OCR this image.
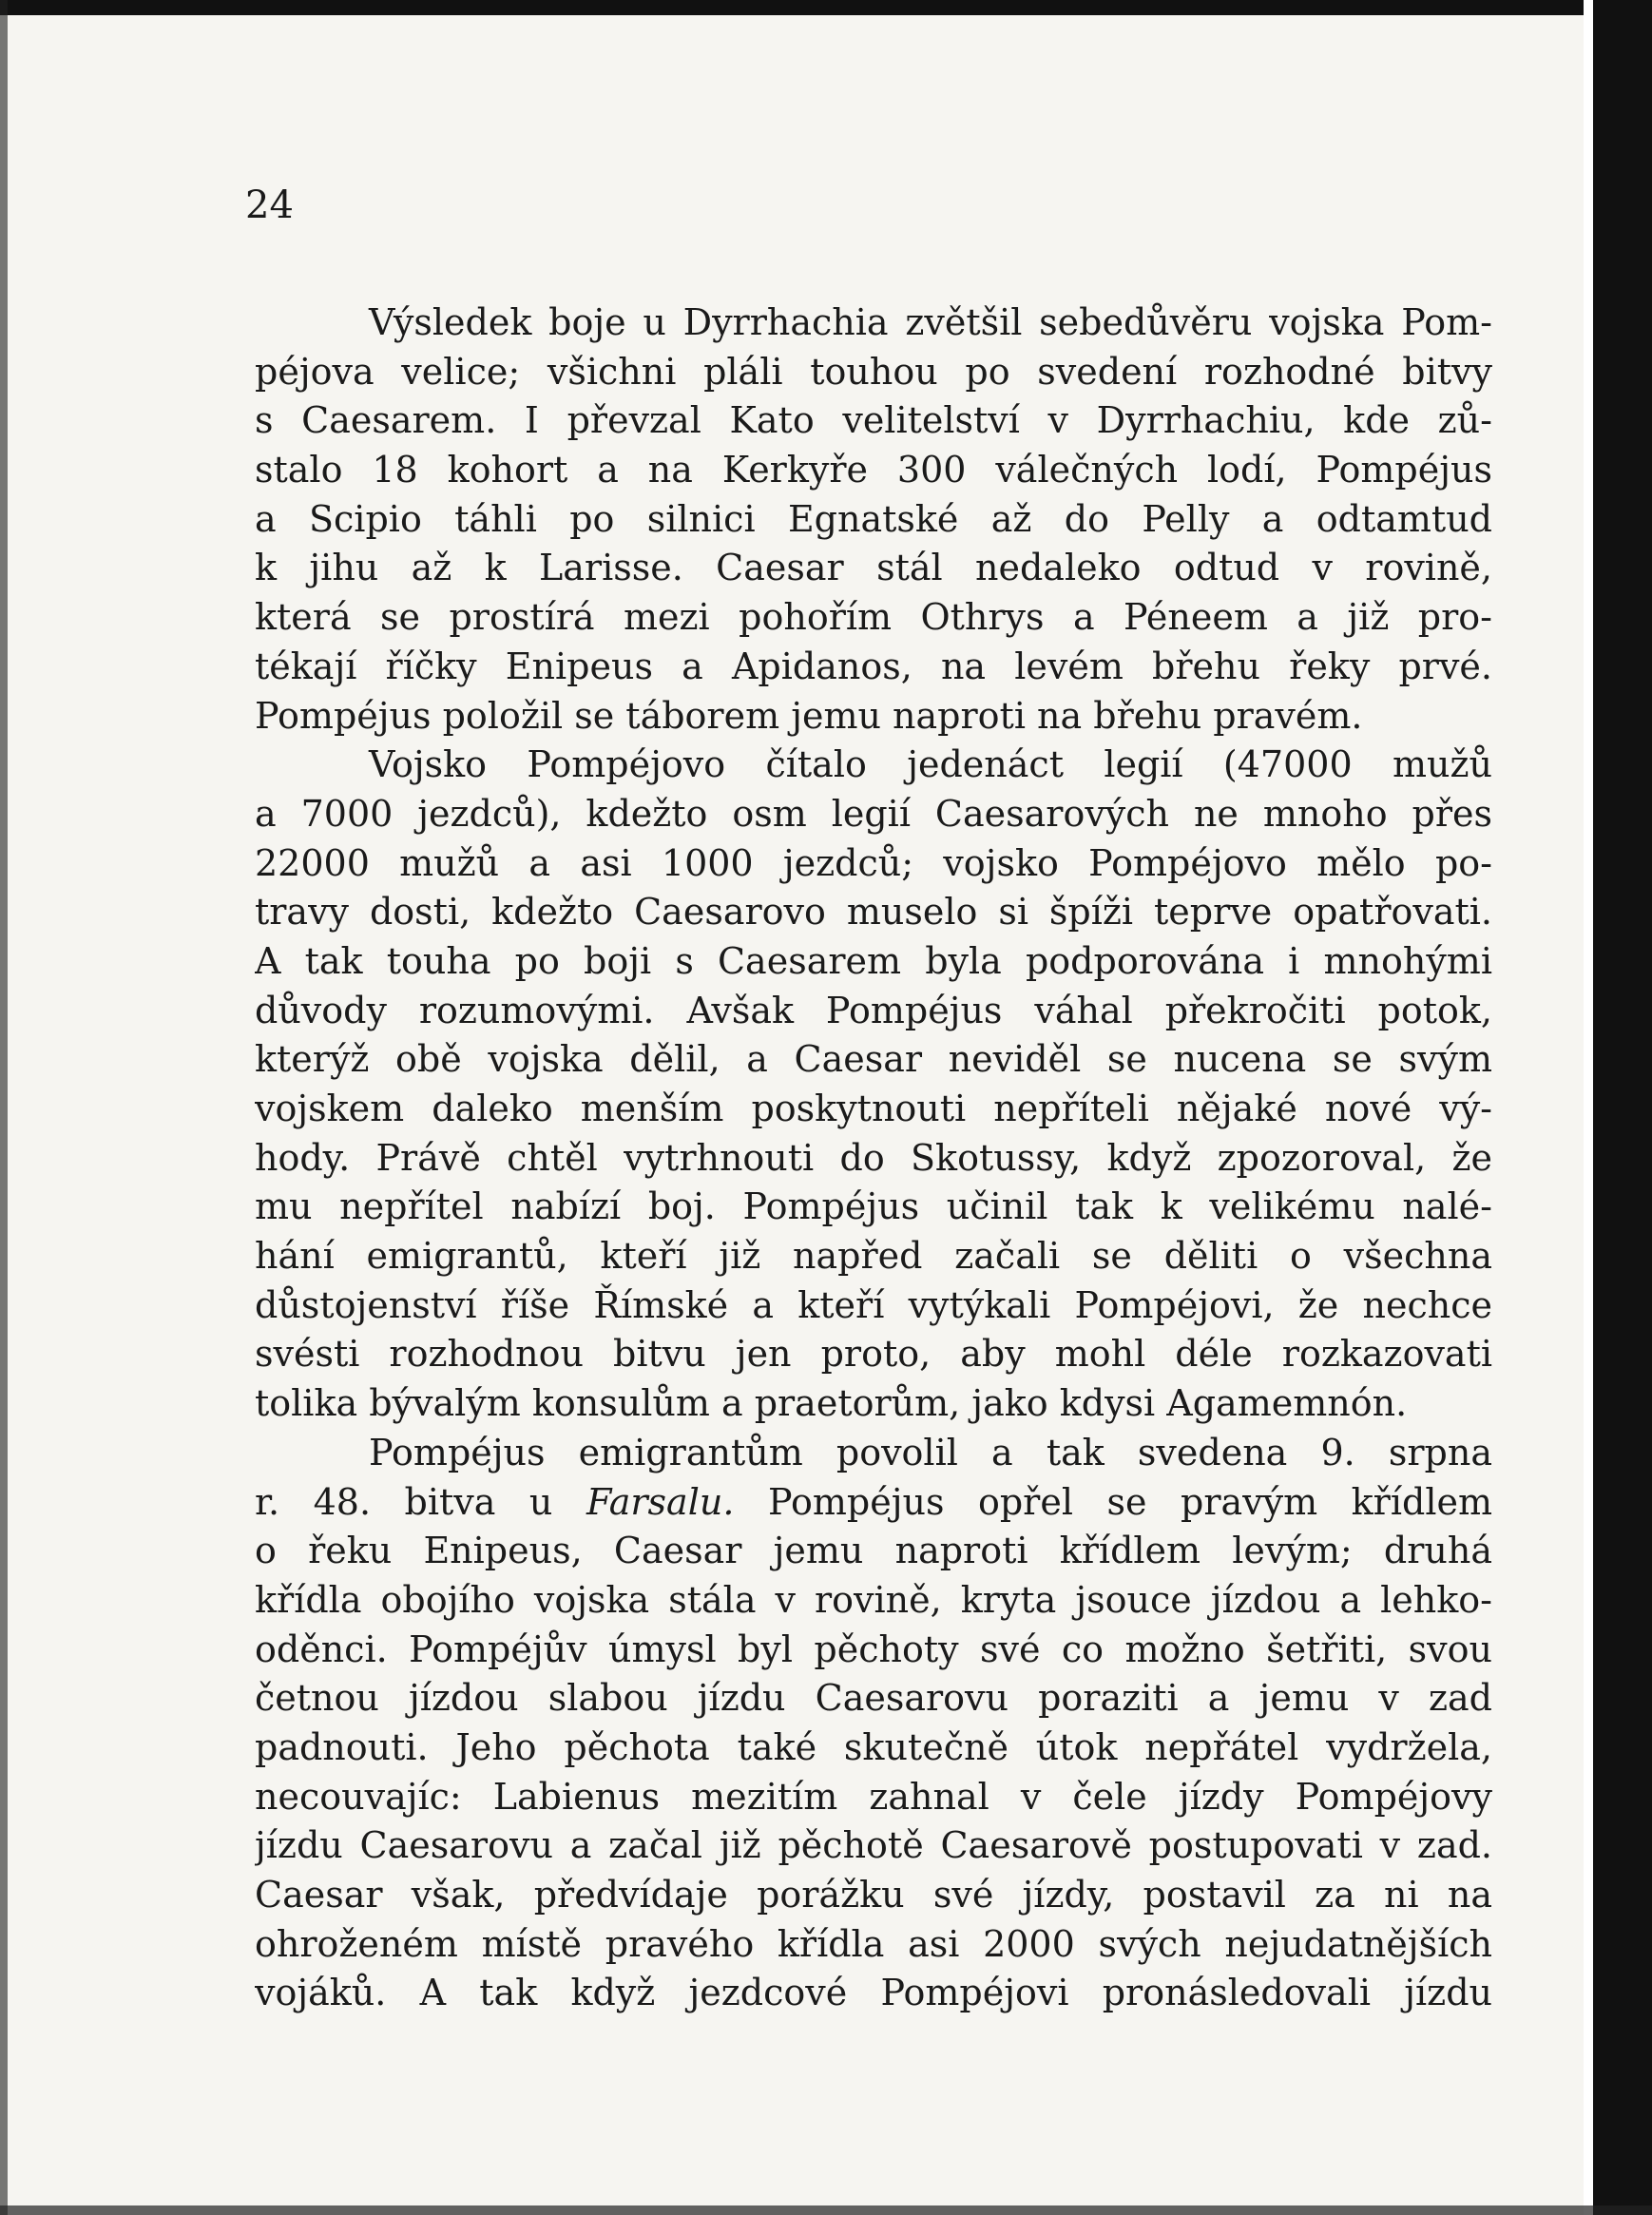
24
Výsledek boje u Dyrrhachia zvětšil sebedůvěru vojska Pom-
péjova velice; všichni pláli touhou po svedení rozhodné bitvy
s Caesarem. I převzal Kato velitelství v Dyrrhachiu, kde zů-
stalo 18 kohort a na Kerkyře 300 válečných lodí, Pompéjus
a Scipio táhli po silnici Egnatské až do Pelly a odtamtud
k jihu až k Larisse. Caesar stál nedaleko odtud v rovině,
která se prostírá mezi pohořím Othrys a Péneem a již pro-
tékají říčky Enipeus a Apidanos, na levém břehu řeky prvé.
Pompéjus položil se táborem jemu naproti na břehu pravém.
Vojsko Pompéjovo čítalo jedenáct legií (47000 mužů
a 7000 jezdců), kdežto osm legií Caesarových ne mnoho přes
22000 mužů a asi 1000 jezdců; vojsko Pompéjovo mělo po-
travy dosti, kdežto Caesarovo muselo si špíži teprve opatřovati.
A tak touha po boji s Caesarem byla podporována i mnohými
důvody rozumovými. Avšak Pompéjus váhal překročiti potok,
kterýž obě vojska dělil, a Caesar neviděl se nucena se svým
vojskem daleko menším poskytnouti nepříteli nějaké nové vý-
hody. Právě chtěl vytrhnouti do Skotussy, když zpozoroval, že
mu nepřítel nabízí boj. Pompéjus učinil tak k velikému nalé-
hání emigrantů, kteří již napřed začali se děliti o všechna
důstojenství říše Římské a kteří vytýkali Pompéjovi, že nechce
svésti rozhodnou bitvu jen proto, aby mohl déle rozkazovati
tolika bývalým konsulům a praetorům, jako kdysi Agamemnón.
Pompéjus emigrantům povolil a tak svedena 9. srpna
r. 48. bitva u Farsalu. Pompéjus opřel se pravým křídlem
o řeku Enipeus, Caesar jemu naproti křídlem levým; druhá
křídla obojího vojska stála v rovině, kryta jsouce jízdou a lehko-
oděnci. Pompéjův úmysl byl pěchoty své co možno šetřiti, svou
četnou jízdou slabou jízdu Caesarovu poraziti a jemu v zad
padnouti. Jeho pěchota také skutečně útok nepřátel vydržela,
necouvajíc: Labienus mezitím zahnal v čele jízdy Pompéjovy
jízdu Caesarovu a začal již pěchotě Caesarově postupovati v zad.
Caesar však, předvídaje porážku své jízdy, postavil za ni na
ohroženém místě pravého křídla asi 2000 svých nejudatnějších
vojáků. A tak když jezdcové Pompéjovi pronásledovali jízdu
